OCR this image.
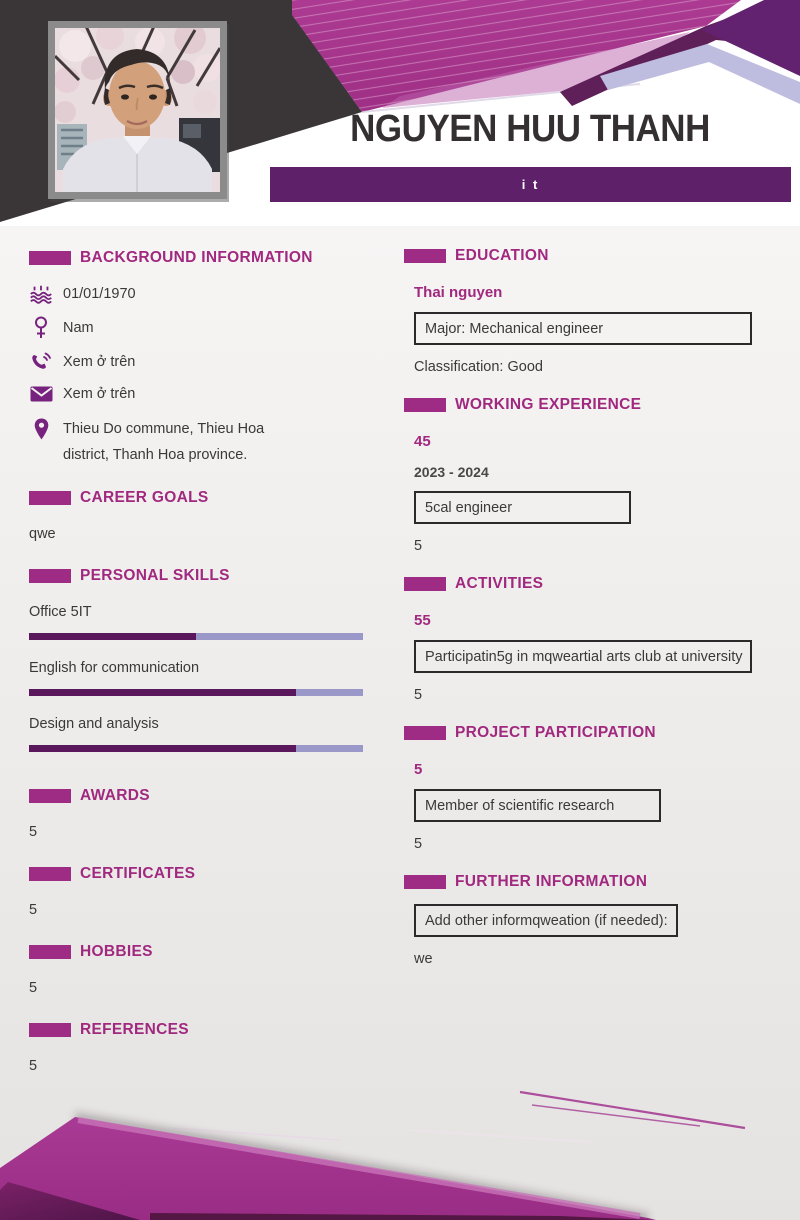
NGUYEN HUU THANH
i t
BACKGROUND INFORMATION
01/01/1970
Nam
Xem ở trên
Xem ở trên
Thieu Do commune, Thieu Hoa district, Thanh Hoa province.
CAREER GOALS

qwe

PERSONAL SKILLS
Office 5IT
English for communication
Design and analysis
AWARDS

5

CERTIFICATES

5

HOBBIES

5

REFERENCES

5

EDUCATION
Thai nguyen
Major: Mechanical engineer
Classification: Good
WORKING EXPERIENCE
45
2023 - 2024
5cal engineer
5
ACTIVITIES
55
Participatin5g in mqweartial arts club at university
5
PROJECT PARTICIPATION
5
Member of scientific research
5
FURTHER INFORMATION
Add other informqweation (if needed):
we
